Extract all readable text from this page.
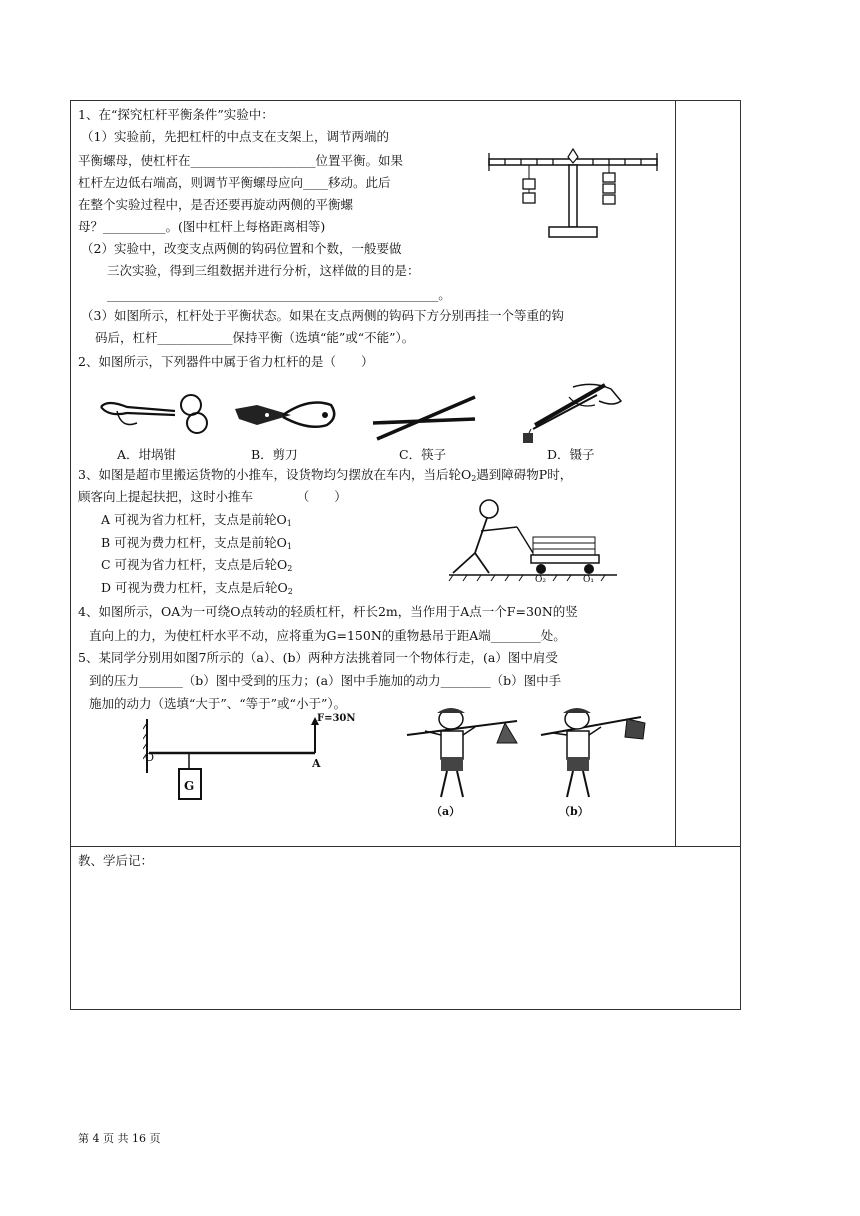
1、在“探究杠杆平衡条件”实验中：
（1）实验前，先把杠杆的中点支在支架上，调节两端的
平衡螺母，使杠杆在____________________位置平衡。如果
杠杆左边低右端高，则调节平衡螺母应向____移动。此后
在整个实验过程中，是否还要再旋动两侧的平衡螺
母？__________。(图中杠杆上每格距离相等)
（2）实验中，改变支点两侧的钩码位置和个数，一般要做
三次实验，得到三组数据并进行分析，这样做的目的是：
_____________________________________________________。
（3）如图所示，杠杆处于平衡状态。如果在支点两侧的钩码下方分别再挂一个等重的钩
码后，杠杆____________保持平衡（选填“能”或“不能”）。
2、如图所示，下列器件中属于省力杠杆的是（　　）
A．坩埚钳	B．剪刀	C．筷子	D．镊子
3、如图是超市里搬运货物的小推车，设货物均匀摆放在车内，当后轮$O_2$遇到障碍物P时，
顾客向上提起扶把，这时小推车　　　　（　　）
A 可视为省力杠杆，支点是前轮$O_1$
B 可视为费力杠杆，支点是前轮$O_1$
C 可视为省力杠杆，支点是后轮$O_2$
D 可视为费力杠杆，支点是后轮$O_2$
O₂	O₁
4、如图所示，OA为一可绕O点转动的轻质杠杆，杆长2m，当作用于A点一个F=30N的竖
直向上的力，为使杠杆水平不动，应将重为G=150N的重物悬吊于距A端________处。
5、某同学分别用如图7所示的（a）、(b）两种方法挑着同一个物体行走，(a）图中肩受
到的压力_______（b）图中受到的压力；(a）图中手施加的动力________（b）图中手
施加的动力（选填“大于”、“等于”或“小于”）。
O	A
G
F=30N
（a）	（b）

教、学后记：
第 4 页 共 16 页
